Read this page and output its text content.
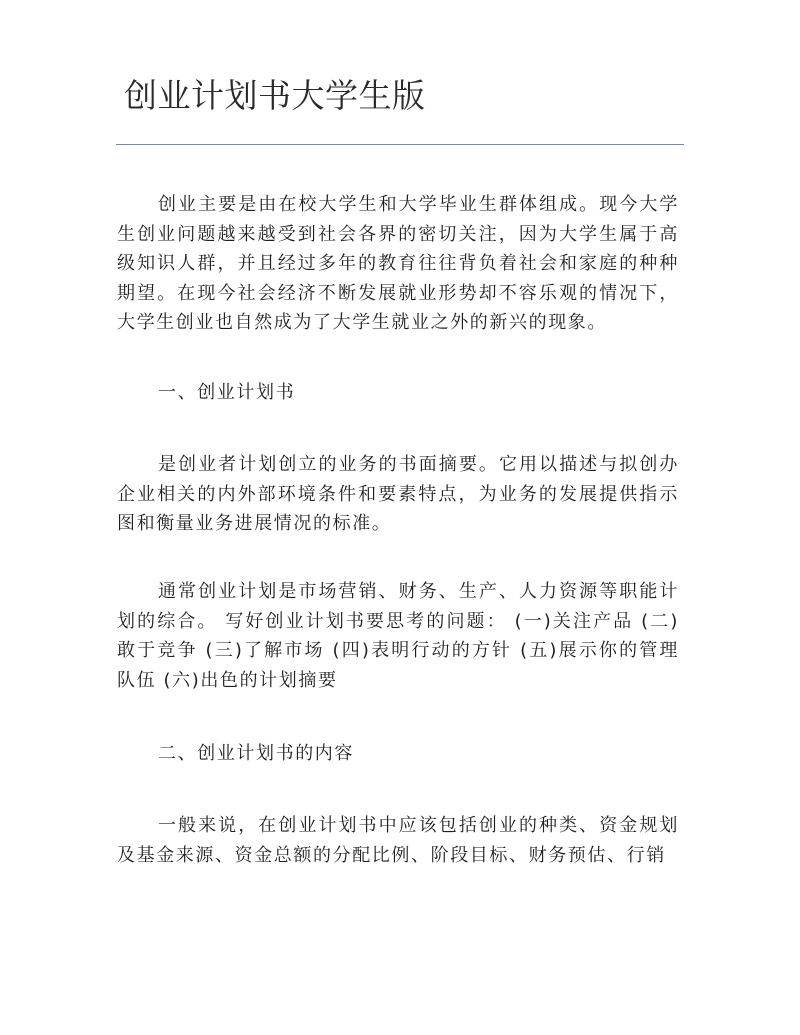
创业计划书大学生版

创业主要是由在校大学生和大学毕业生群体组成。现今大学生创业问题越来越受到社会各界的密切关注，因为大学生属于高级知识人群，并且经过多年的教育往往背负着社会和家庭的种种期望。在现今社会经济不断发展就业形势却不容乐观的情况下，大学生创业也自然成为了大学生就业之外的新兴的现象。

一、创业计划书

是创业者计划创立的业务的书面摘要。它用以描述与拟创办企业相关的内外部环境条件和要素特点，为业务的发展提供指示图和衡量业务进展情况的标准。

通常创业计划是市场营销、财务、生产、人力资源等职能计划的综合。 写好创业计划书要思考的问题： (一)关注产品 (二)敢于竞争 (三)了解市场 (四)表明行动的方针 (五)展示你的管理队伍 (六)出色的计划摘要

二、创业计划书的内容

一般来说，在创业计划书中应该包括创业的种类、资金规划及基金来源、资金总额的分配比例、阶段目标、财务预估、行销
